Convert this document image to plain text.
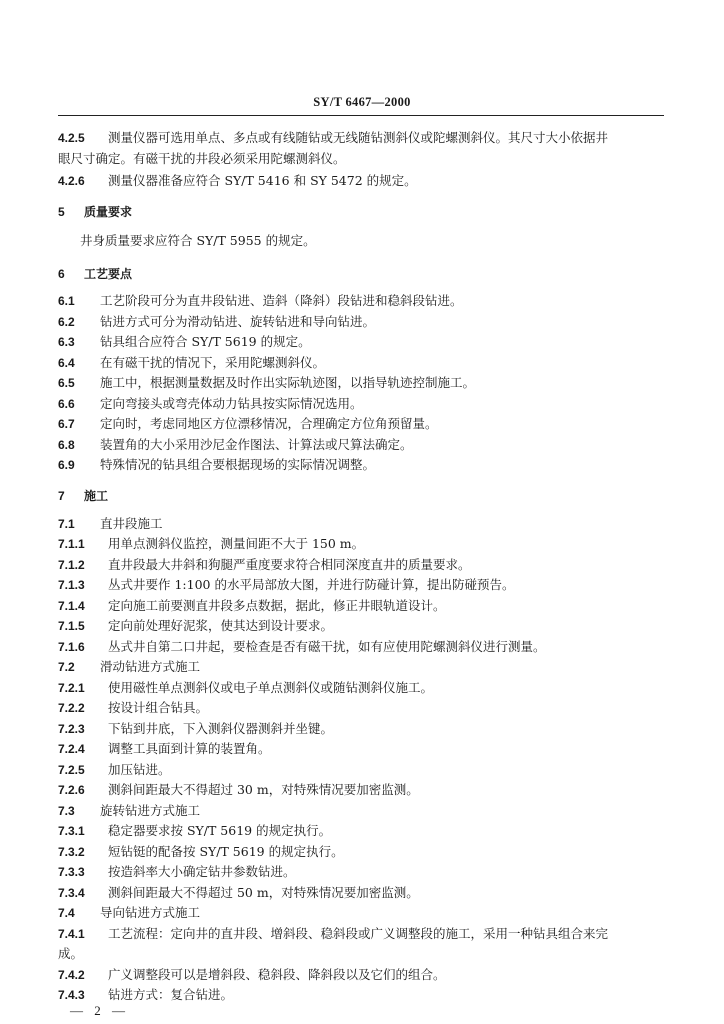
SY/T 6467—2000
4.2.5 测量仪器可选用单点、多点或有线随钻或无线随钻测斜仪或陀螺测斜仪。其尺寸大小依据井
眼尺寸确定。有磁干扰的井段必须采用陀螺测斜仪。
4.2.6 测量仪器准备应符合 SY/T 5416 和 SY 5472 的规定。
5 质量要求
井身质量要求应符合 SY/T 5955 的规定。
6 工艺要点
6.1 工艺阶段可分为直井段钻进、造斜（降斜）段钻进和稳斜段钻进。
6.2 钻进方式可分为滑动钻进、旋转钻进和导向钻进。
6.3 钻具组合应符合 SY/T 5619 的规定。
6.4 在有磁干扰的情况下，采用陀螺测斜仪。
6.5 施工中，根据测量数据及时作出实际轨迹图，以指导轨迹控制施工。
6.6 定向弯接头或弯壳体动力钻具按实际情况选用。
6.7 定向时，考虑同地区方位漂移情况，合理确定方位角预留量。
6.8 装置角的大小采用沙尼金作图法、计算法或尺算法确定。
6.9 特殊情况的钻具组合要根据现场的实际情况调整。
7 施工
7.1 直井段施工
7.1.1 用单点测斜仪监控，测量间距不大于 150 m。
7.1.2 直井段最大井斜和狗腿严重度要求符合相同深度直井的质量要求。
7.1.3 丛式井要作 1:100 的水平局部放大图，并进行防碰计算，提出防碰预告。
7.1.4 定向施工前要测直井段多点数据，据此，修正井眼轨道设计。
7.1.5 定向前处理好泥浆，使其达到设计要求。
7.1.6 丛式井自第二口井起，要检查是否有磁干扰，如有应使用陀螺测斜仪进行测量。
7.2 滑动钻进方式施工
7.2.1 使用磁性单点测斜仪或电子单点测斜仪或随钻测斜仪施工。
7.2.2 按设计组合钻具。
7.2.3 下钻到井底，下入测斜仪器测斜并坐键。
7.2.4 调整工具面到计算的装置角。
7.2.5 加压钻进。
7.2.6 测斜间距最大不得超过 30 m，对特殊情况要加密监测。
7.3 旋转钻进方式施工
7.3.1 稳定器要求按 SY/T 5619 的规定执行。
7.3.2 短钻铤的配备按 SY/T 5619 的规定执行。
7.3.3 按造斜率大小确定钻井参数钻进。
7.3.4 测斜间距最大不得超过 50 m，对特殊情况要加密监测。
7.4 导向钻进方式施工
7.4.1 工艺流程：定向井的直井段、增斜段、稳斜段或广义调整段的施工，采用一种钻具组合来完
成。
7.4.2 广义调整段可以是增斜段、稳斜段、降斜段以及它们的组合。
7.4.3 钻进方式：复合钻进。
— 2 —
